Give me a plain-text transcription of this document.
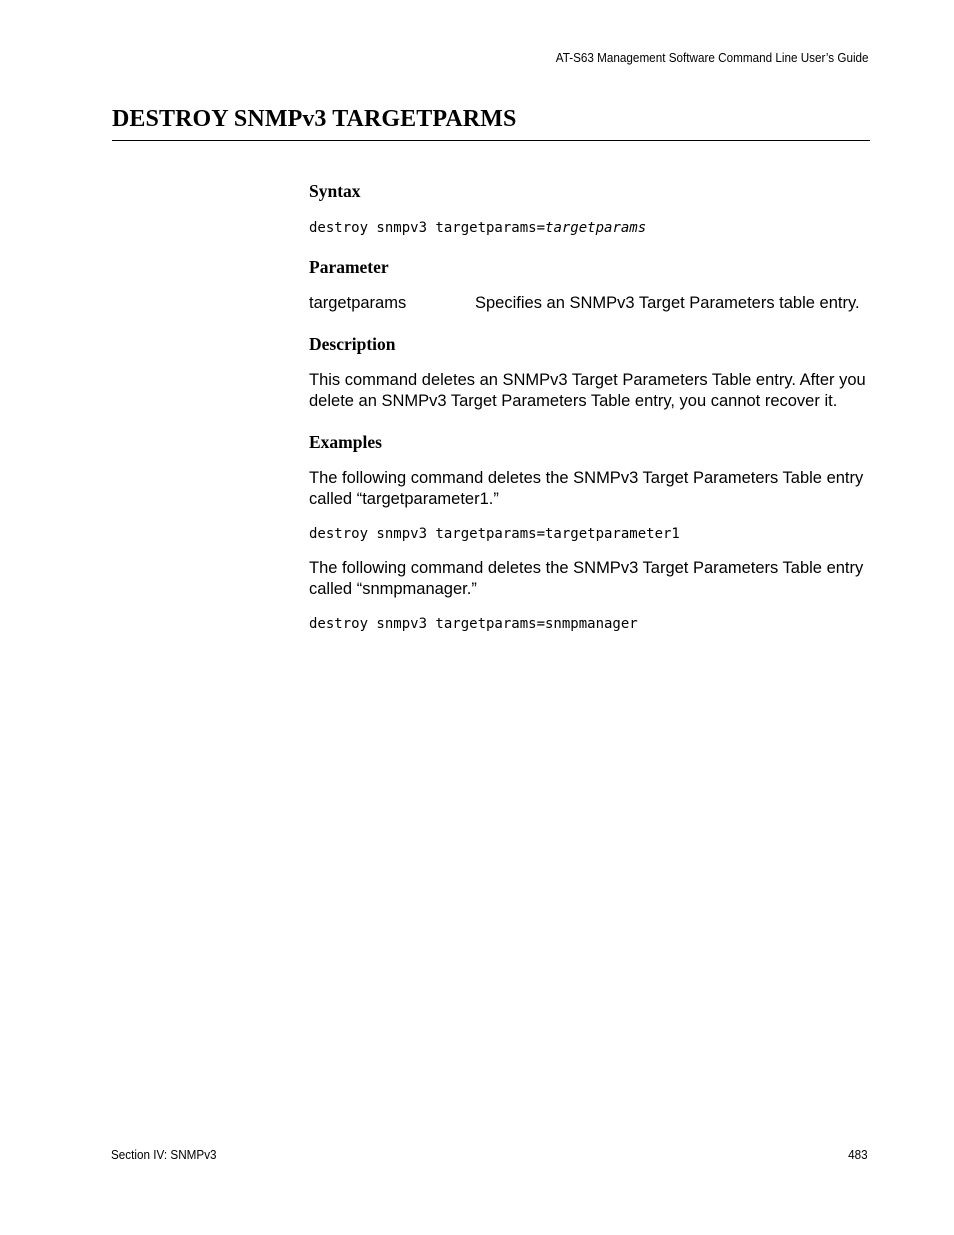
AT-S63 Management Software Command Line User’s Guide
DESTROY SNMPv3 TARGETPARMS
Syntax

destroy snmpv3 targetparams=targetparams

Parameter
targetparams	Specifies an SNMPv3 Target Parameters table entry.
Description

This command deletes an SNMPv3 Target Parameters Table entry. After you delete an SNMPv3 Target Parameters Table entry, you cannot recover it.

Examples

The following command deletes the SNMPv3 Target Parameters Table entry called “targetparameter1.”

destroy snmpv3 targetparams=targetparameter1

The following command deletes the SNMPv3 Target Parameters Table entry called “snmpmanager.”

destroy snmpv3 targetparams=snmpmanager

Section IV: SNMPv3	483
